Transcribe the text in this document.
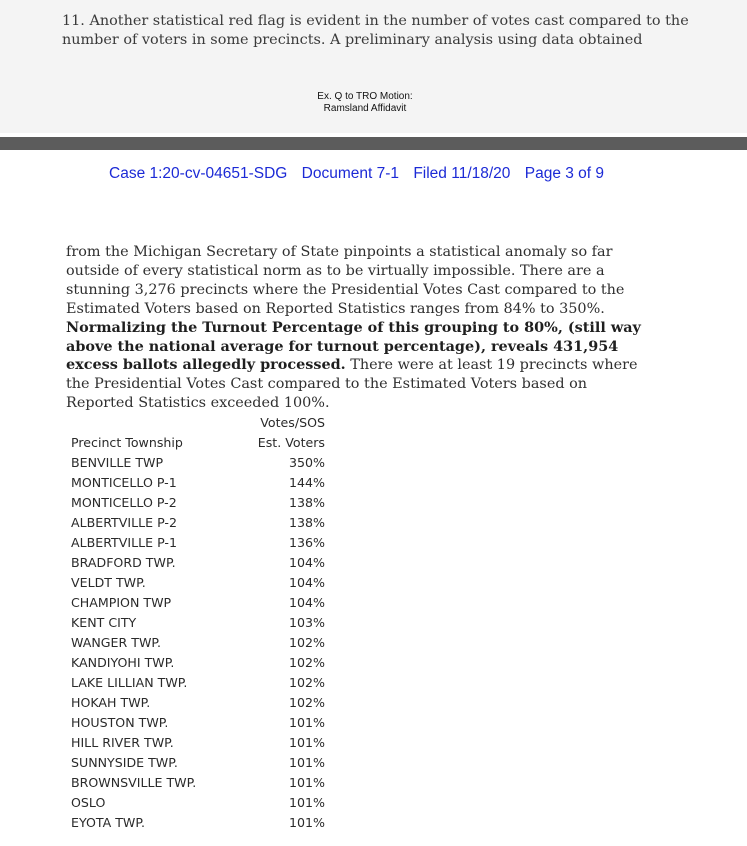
11. Another statistical red flag is evident in the number of votes cast compared to the number of voters in some precincts. A preliminary analysis using data obtained

Ex. Q to TRO Motion:
Ramsland Affidavit
Case 1:20-cv-04651-SDG Document 7-1 Filed 11/18/20 Page 3 of 9

from the Michigan Secretary of State pinpoints a statistical anomaly so far outside of every statistical norm as to be virtually impossible. There are a stunning 3,276 precincts where the Presidential Votes Cast compared to the Estimated Voters based on Reported Statistics ranges from 84% to 350%. Normalizing the Turnout Percentage of this grouping to 80%, (still way above the national average for turnout percentage), reveals 431,954 excess ballots allegedly processed. There were at least 19 precincts where the Presidential Votes Cast compared to the Estimated Voters based on Reported Statistics exceeded 100%.

Precinct Township
Votes/SOS
Est. Voters
BENVILLE TWP	350%
MONTICELLO P-1	144%
MONTICELLO P-2	138%
ALBERTVILLE P-2	138%
ALBERTVILLE P-1	136%
BRADFORD TWP.	104%
VELDT TWP.	104%
CHAMPION TWP	104%
KENT CITY	103%
WANGER TWP.	102%
KANDIYOHI TWP.	102%
LAKE LILLIAN TWP.	102%
HOKAH TWP.	102%
HOUSTON TWP.	101%
HILL RIVER TWP.	101%
SUNNYSIDE TWP.	101%
BROWNSVILLE TWP.	101%
OSLO	101%
EYOTA TWP.	101%
